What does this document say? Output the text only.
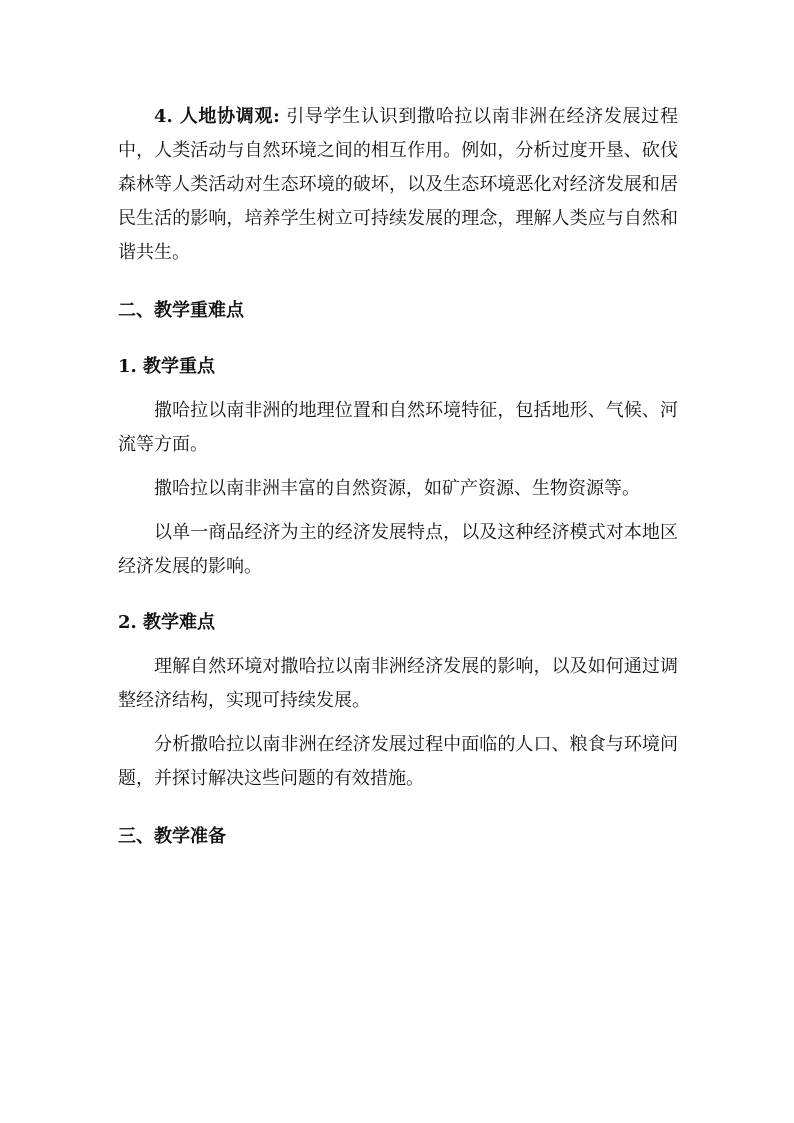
4. 人地协调观: 引导学生认识到撒哈拉以南非洲在经济发展过程中，人类活动与自然环境之间的相互作用。例如，分析过度开垦、砍伐森林等人类活动对生态环境的破坏，以及生态环境恶化对经济发展和居民生活的影响，培养学生树立可持续发展的理念，理解人类应与自然和谐共生。

二、教学重难点

1. 教学重点

撒哈拉以南非洲的地理位置和自然环境特征，包括地形、气候、河流等方面。

撒哈拉以南非洲丰富的自然资源，如矿产资源、生物资源等。

以单一商品经济为主的经济发展特点，以及这种经济模式对本地区经济发展的影响。

2. 教学难点

理解自然环境对撒哈拉以南非洲经济发展的影响，以及如何通过调整经济结构，实现可持续发展。

分析撒哈拉以南非洲在经济发展过程中面临的人口、粮食与环境问题，并探讨解决这些问题的有效措施。

三、教学准备
